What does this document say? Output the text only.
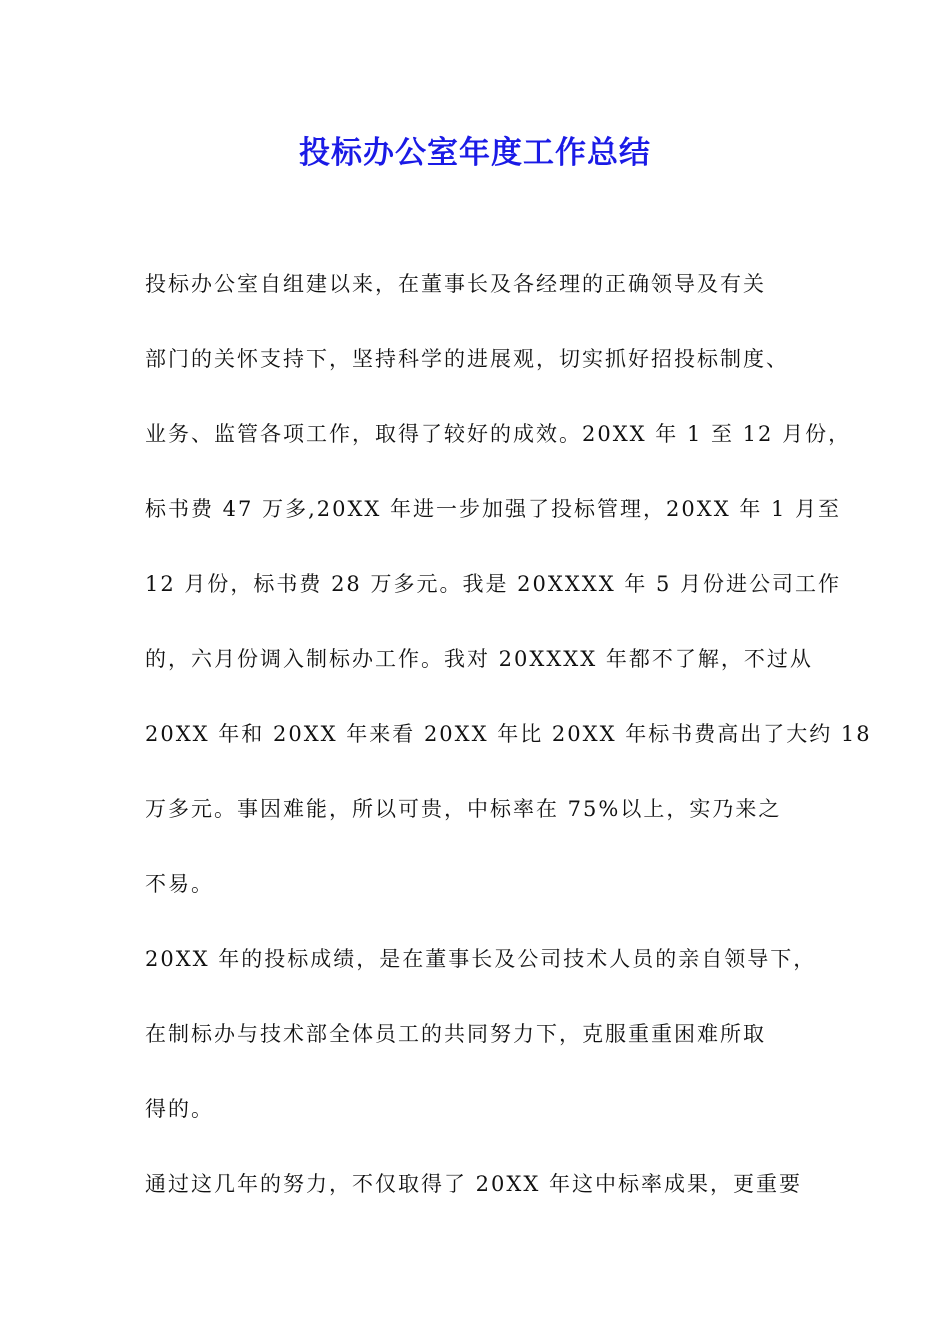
投标办公室年度工作总结
投标办公室自组建以来，在董事长及各经理的正确领导及有关
部门的关怀支持下，坚持科学的进展观，切实抓好招投标制度、
业务、监管各项工作，取得了较好的成效。20XX 年 1 至 12 月份，
标书费 47 万多,20XX 年进一步加强了投标管理，20XX 年 1 月至
12 月份，标书费 28 万多元。我是 20XXXX 年 5 月份进公司工作
的，六月份调入制标办工作。我对 20XXXX 年都不了解，不过从
20XX 年和 20XX 年来看 20XX 年比 20XX 年标书费高出了大约 18
万多元。事因难能，所以可贵，中标率在 75%以上，实乃来之
不易。
20XX 年的投标成绩，是在董事长及公司技术人员的亲自领导下，
在制标办与技术部全体员工的共同努力下，克服重重困难所取
得的。
通过这几年的努力，不仅取得了 20XX 年这中标率成果，更重要
